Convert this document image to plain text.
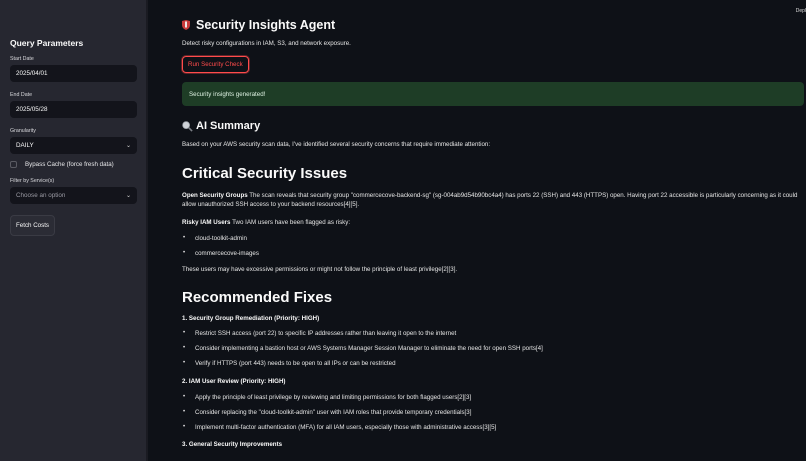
Query Parameters
Start Date
2025/04/01
End Date
2025/05/28
Granularity
DAILY	⌄
Bypass Cache (force fresh data)
Filter by Service(s)
Choose an option	⌄
Fetch Costs
Depl
Security Insights Agent
Detect risky configurations in IAM, S3, and network exposure.
Run Security Check
Security insights generated!
AI Summary
Based on your AWS security scan data, I've identified several security concerns that require immediate attention:
Critical Security Issues
Open Security Groups The scan reveals that security group "commercecove-backend-sg" (sg-004ab9d54b90bc4a4) has ports 22 (SSH) and 443 (HTTPS) open. Having port 22 accessible is particularly concerning as it could allow unauthorized SSH access to your backend resources[4][5].
Risky IAM Users Two IAM users have been flagged as risky:
• cloud-toolkit-admin
• commercecove-images
These users may have excessive permissions or might not follow the principle of least privilege[2][3].
Recommended Fixes
1. Security Group Remediation (Priority: HIGH)
• Restrict SSH access (port 22) to specific IP addresses rather than leaving it open to the internet
• Consider implementing a bastion host or AWS Systems Manager Session Manager to eliminate the need for open SSH ports[4]
• Verify if HTTPS (port 443) needs to be open to all IPs or can be restricted
2. IAM User Review (Priority: HIGH)
• Apply the principle of least privilege by reviewing and limiting permissions for both flagged users[2][3]
• Consider replacing the "cloud-toolkit-admin" user with IAM roles that provide temporary credentials[3]
• Implement multi-factor authentication (MFA) for all IAM users, especially those with administrative access[3][5]
3. General Security Improvements
